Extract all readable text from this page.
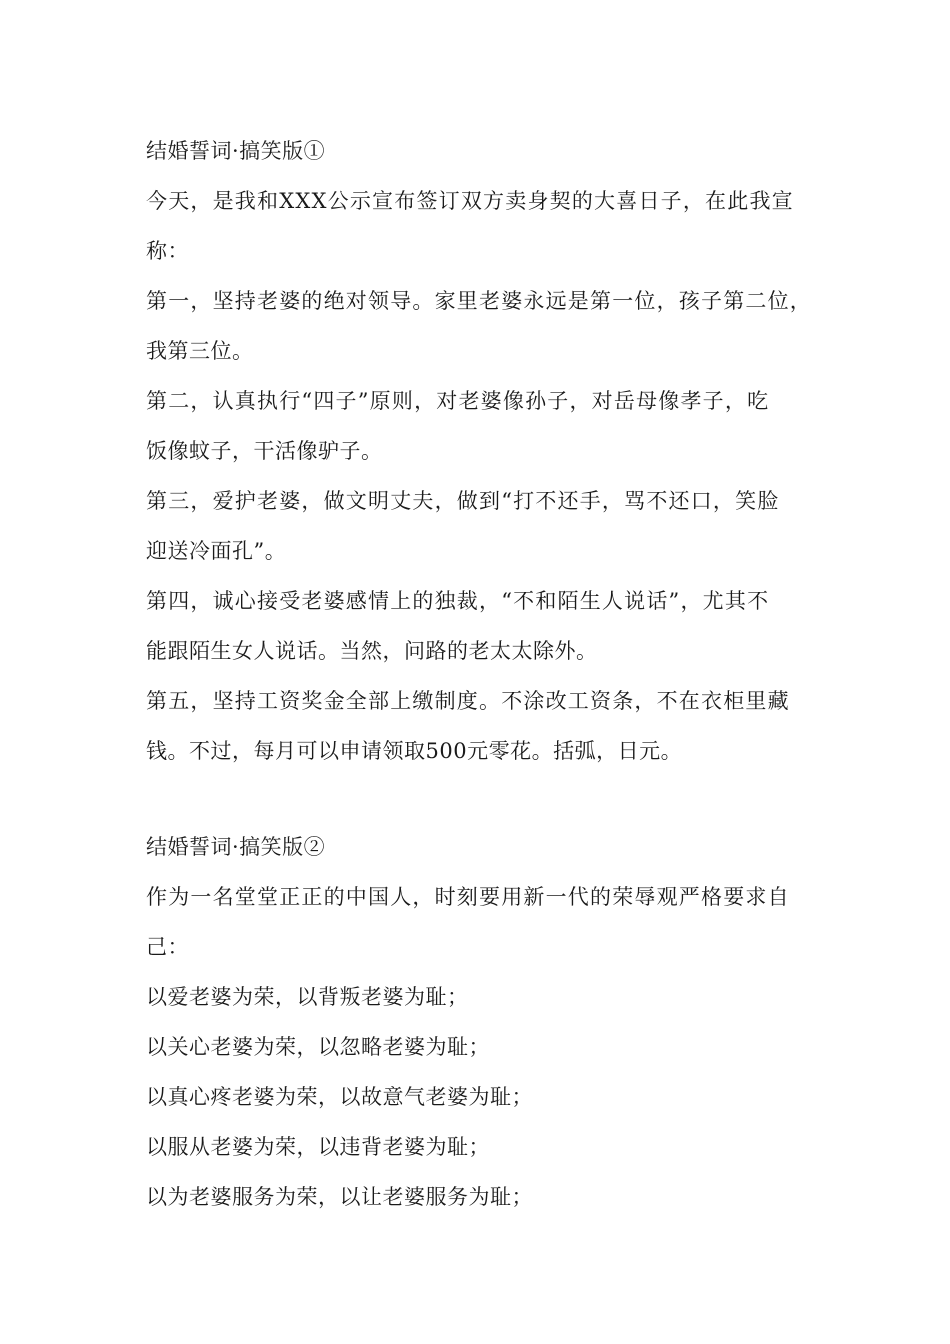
结婚誓词·搞笑版①
今天，是我和XXX公示宣布签订双方卖身契的大喜日子，在此我宣
称：
第一，坚持老婆的绝对领导。家里老婆永远是第一位，孩子第二位，
我第三位。
第二，认真执行“四子”原则，对老婆像孙子，对岳母像孝子，吃
饭像蚊子，干活像驴子。
第三，爱护老婆，做文明丈夫，做到“打不还手，骂不还口，笑脸
迎送冷面孔”。
第四，诚心接受老婆感情上的独裁，“不和陌生人说话”，尤其不
能跟陌生女人说话。当然，问路的老太太除外。
第五，坚持工资奖金全部上缴制度。不涂改工资条，不在衣柜里藏
钱。不过，每月可以申请领取500元零花。括弧，日元。
结婚誓词·搞笑版②
作为一名堂堂正正的中国人，时刻要用新一代的荣辱观严格要求自
己：
以爱老婆为荣，以背叛老婆为耻；
以关心老婆为荣，以忽略老婆为耻；
以真心疼老婆为荣，以故意气老婆为耻；
以服从老婆为荣，以违背老婆为耻；
以为老婆服务为荣，以让老婆服务为耻；
